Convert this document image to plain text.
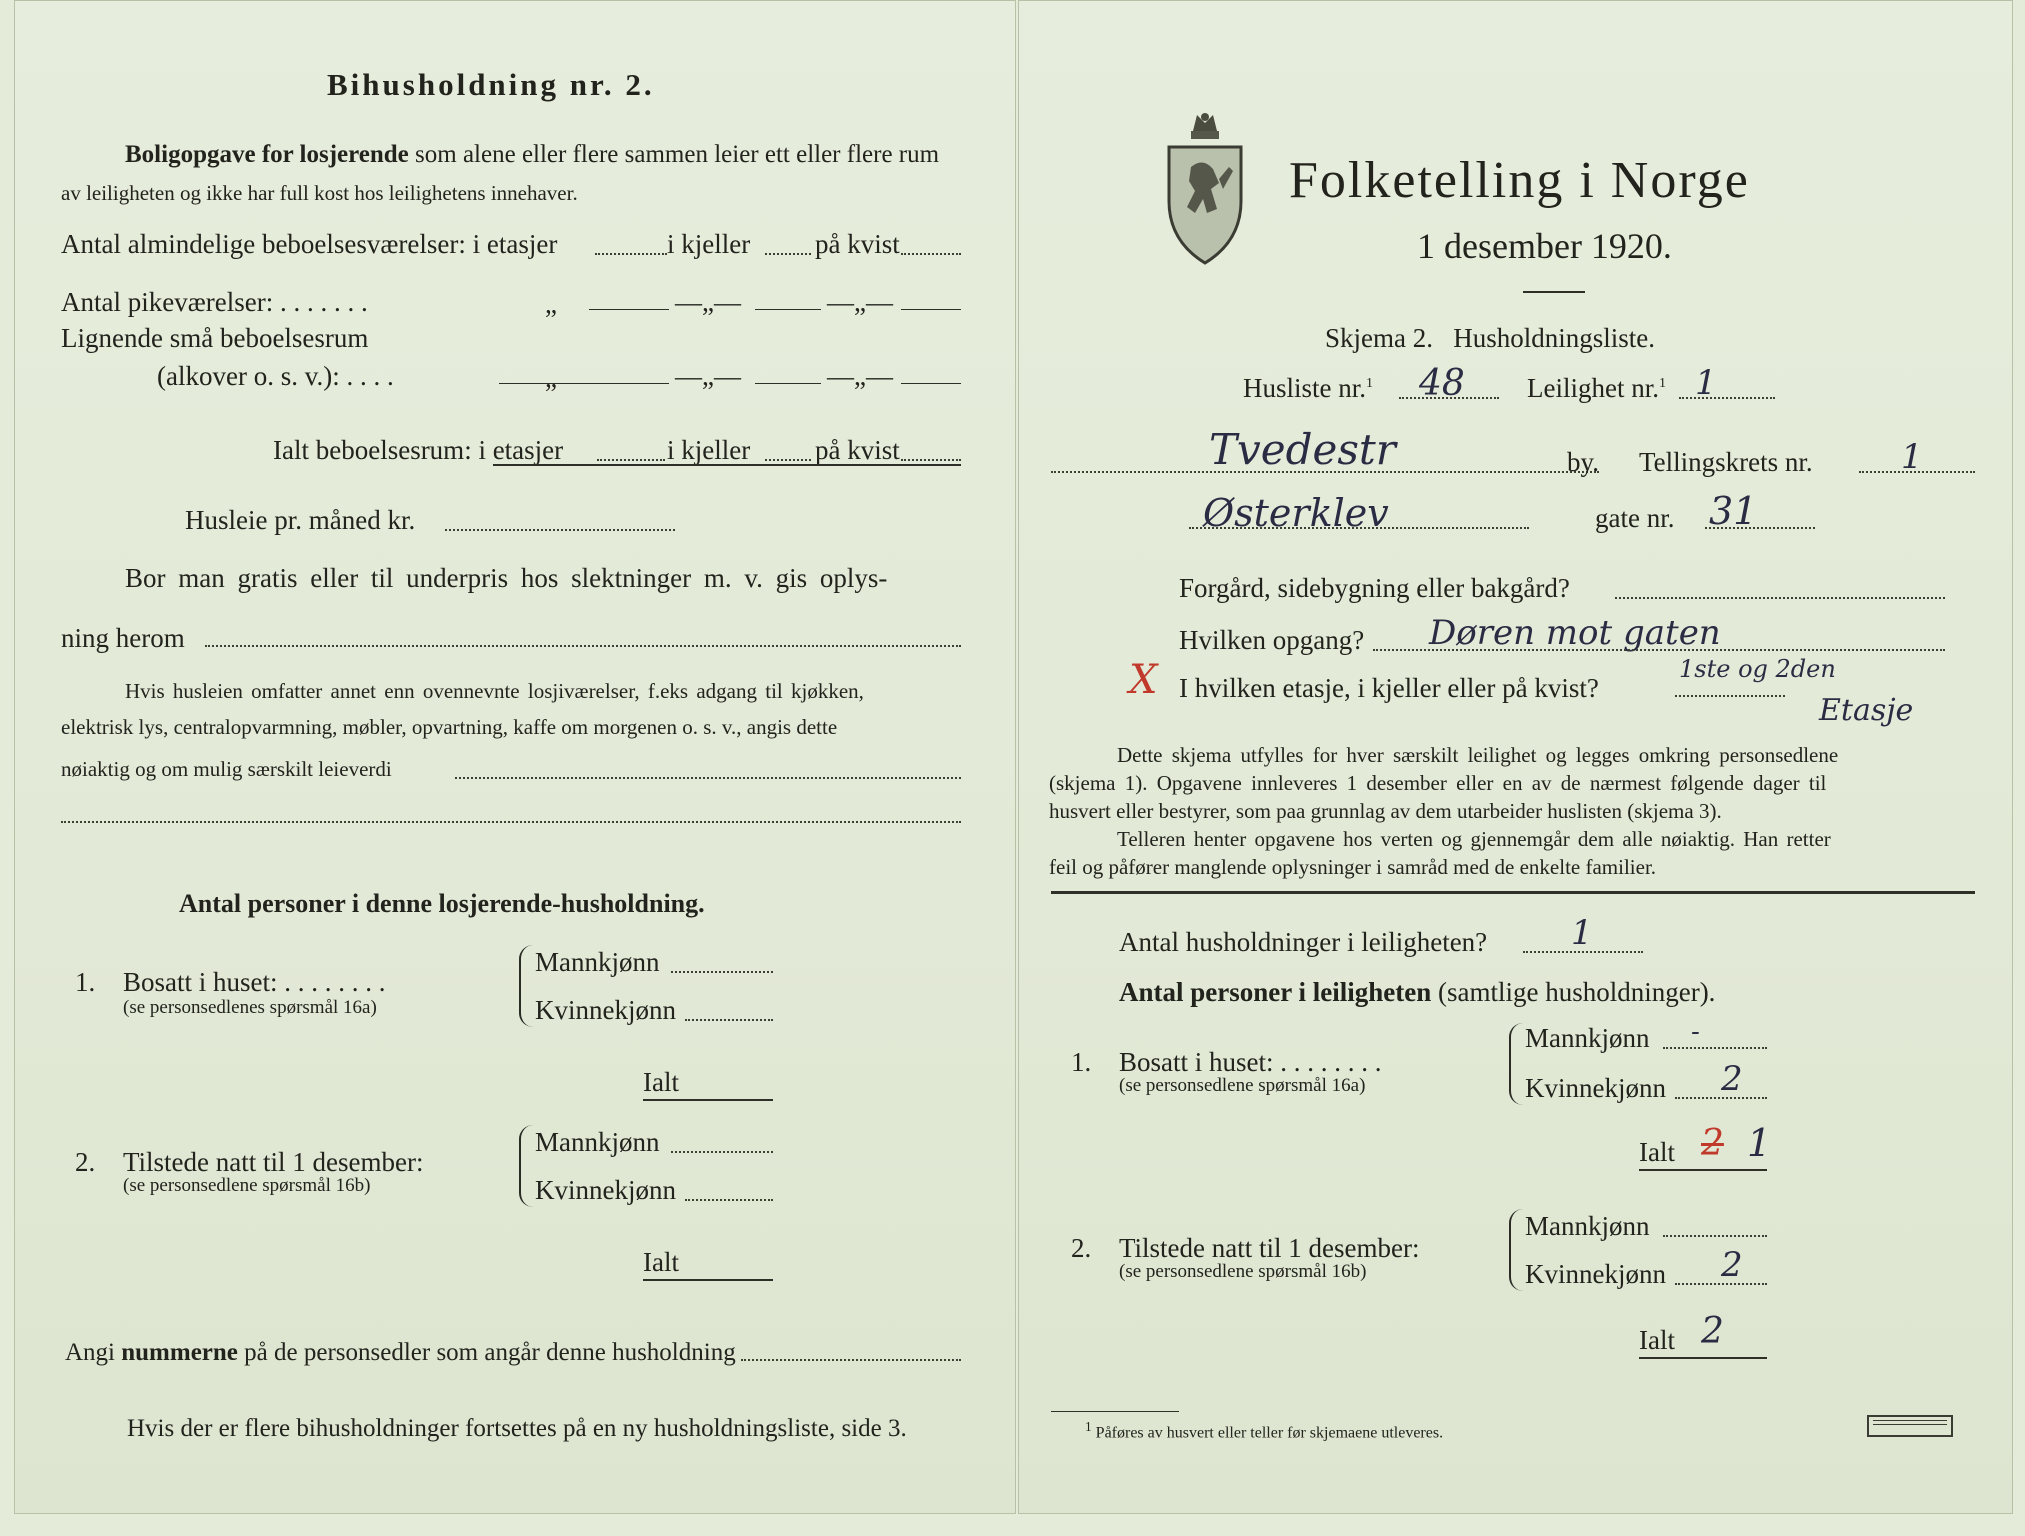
Bihusholdning nr. 2.
Boligopgave for losjerende som alene eller flere sammen leier ett eller flere rum
av leiligheten og ikke har full kost hos leilighetens innehaver.
Antal almindelige beboelsesværelser: i etasjer	i kjeller på kvist
Antal pikeværelser: . . . . . . .	„	—„—	—„—
Lignende små beboelsesrum
(alkover o. s. v.): . . . .	„	—„—	—„—
Ialt beboelsesrum: i etasjer	i kjeller på kvist
Husleie pr. måned kr.
Bor man gratis eller til underpris hos slektninger m. v. gis oplys-
ning herom
Hvis husleien omfatter annet enn ovennevnte losjiværelser, f.eks adgang til kjøkken,
elektrisk lys, centralopvarmning, møbler, opvartning, kaffe om morgenen o. s. v., angis dette
nøiaktig og om mulig særskilt leieverdi
Antal personer i denne losjerende-husholdning.
1. Bosatt i huset: . . . . . . . .
(se personsedlenes spørsmål 16a)
Mannkjønn
Kvinnekjønn
Ialt
2. Tilstede natt til 1 desember:
(se personsedlene spørsmål 16b)
Mannkjønn
Kvinnekjønn
Ialt
Angi nummerne på de personsedler som angår denne husholdning
Hvis der er flere bihusholdninger fortsettes på en ny husholdningsliste, side 3.
Folketelling i Norge
1 desember 1920.
Skjema 2.   Husholdningsliste.
Husliste nr.$^1$ 48 Leilighet nr.$^1$ 1
Tvedestr	by. Tellingskrets nr.	1
Østerklev	gate nr. 31
Forgård, sidebygning eller bakgård?
Hvilken opgang? Døren mot gaten
X I hvilken etasje, i kjeller eller på kvist?
1ste og 2den
Etasje
Dette skjema utfylles for hver særskilt leilighet og legges omkring personsedlene
(skjema 1). Opgavene innleveres 1 desember eller en av de nærmest følgende dager til
husvert eller bestyrer, som paa grunnlag av dem utarbeider huslisten (skjema 3).
Telleren henter opgavene hos verten og gjennemgår dem alle nøiaktig. Han retter
feil og påfører manglende oplysninger i samråd med de enkelte familier.
Antal husholdninger i leiligheten? 1
Antal personer i leiligheten (samtlige husholdninger).
1. Bosatt i huset: . . . . . . . .
(se personsedlene spørsmål 16a)
Mannkjønn -
Kvinnekjønn 2
Ialt 2 1
2. Tilstede natt til 1 desember:
(se personsedlene spørsmål 16b)
Mannkjønn
Kvinnekjønn 2
Ialt 2
$^1$ Påføres av husvert eller teller før skjemaene utleveres.
